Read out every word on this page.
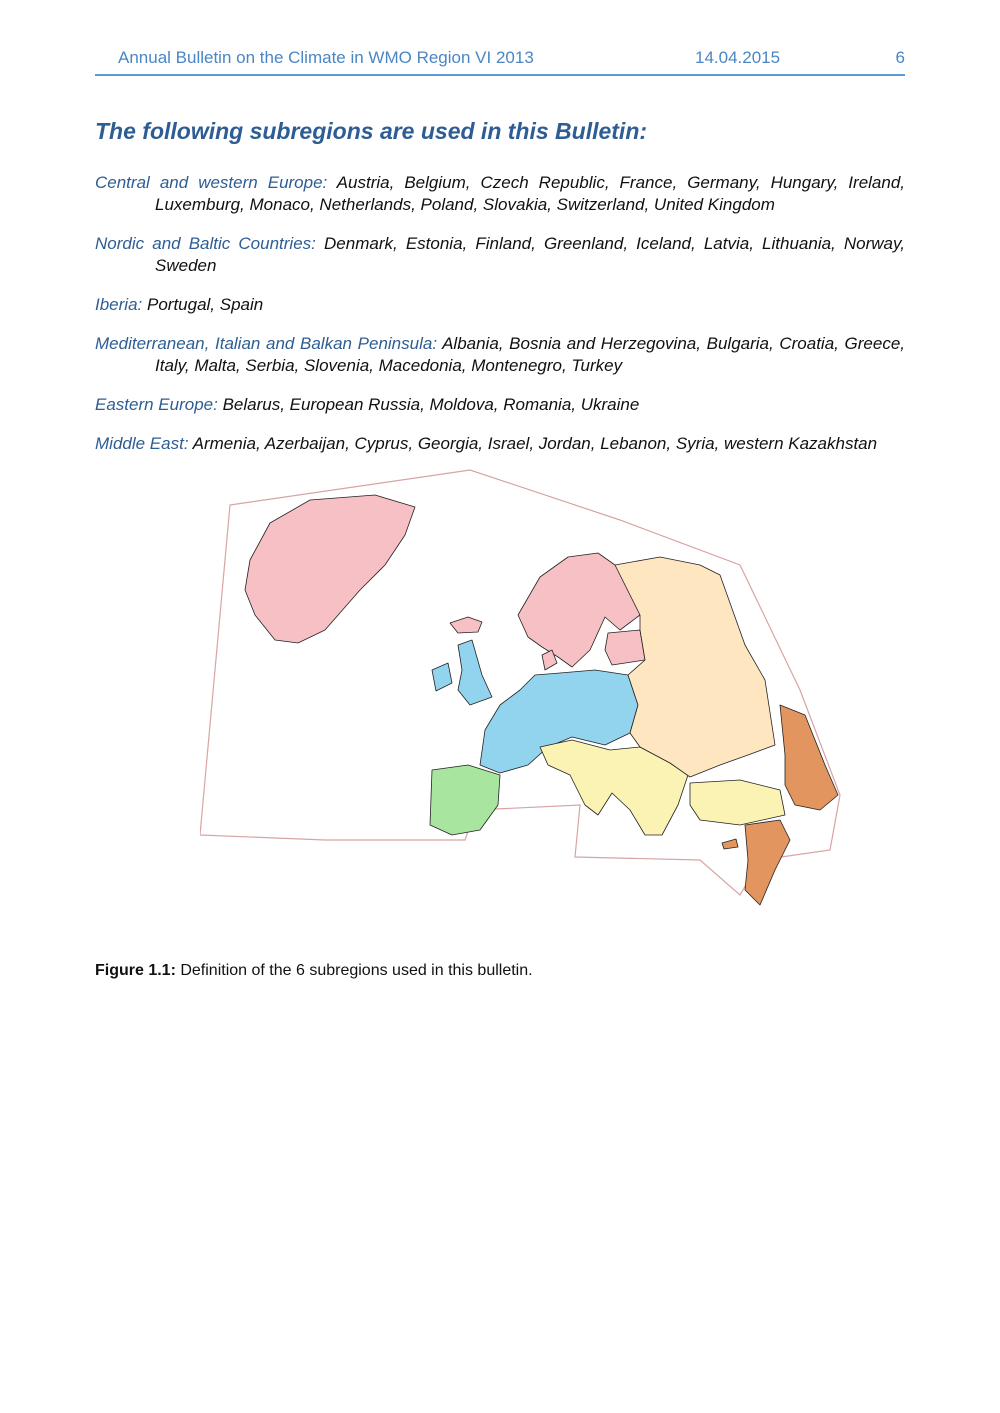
Annual Bulletin on the Climate in WMO Region VI 2013	14.04.2015	6
The following subregions are used in this Bulletin:

Central and western Europe: Austria, Belgium, Czech Republic, France, Germany, Hungary, Ireland, Luxemburg, Monaco, Netherlands, Poland, Slovakia, Switzerland, United Kingdom

Nordic and Baltic Countries: Denmark, Estonia, Finland, Greenland, Iceland, Latvia, Lithuania, Norway, Sweden

Iberia: Portugal, Spain

Mediterranean, Italian and Balkan Peninsula: Albania, Bosnia and Herzegovina, Bulgaria, Croatia, Greece, Italy, Malta, Serbia, Slovenia, Macedonia, Montenegro, Turkey

Eastern Europe: Belarus, European Russia, Moldova, Romania, Ukraine

Middle East: Armenia, Azerbaijan, Cyprus, Georgia, Israel, Jordan, Lebanon, Syria, western Kazakhstan

Figure 1.1: Definition of the 6 subregions used in this bulletin.
